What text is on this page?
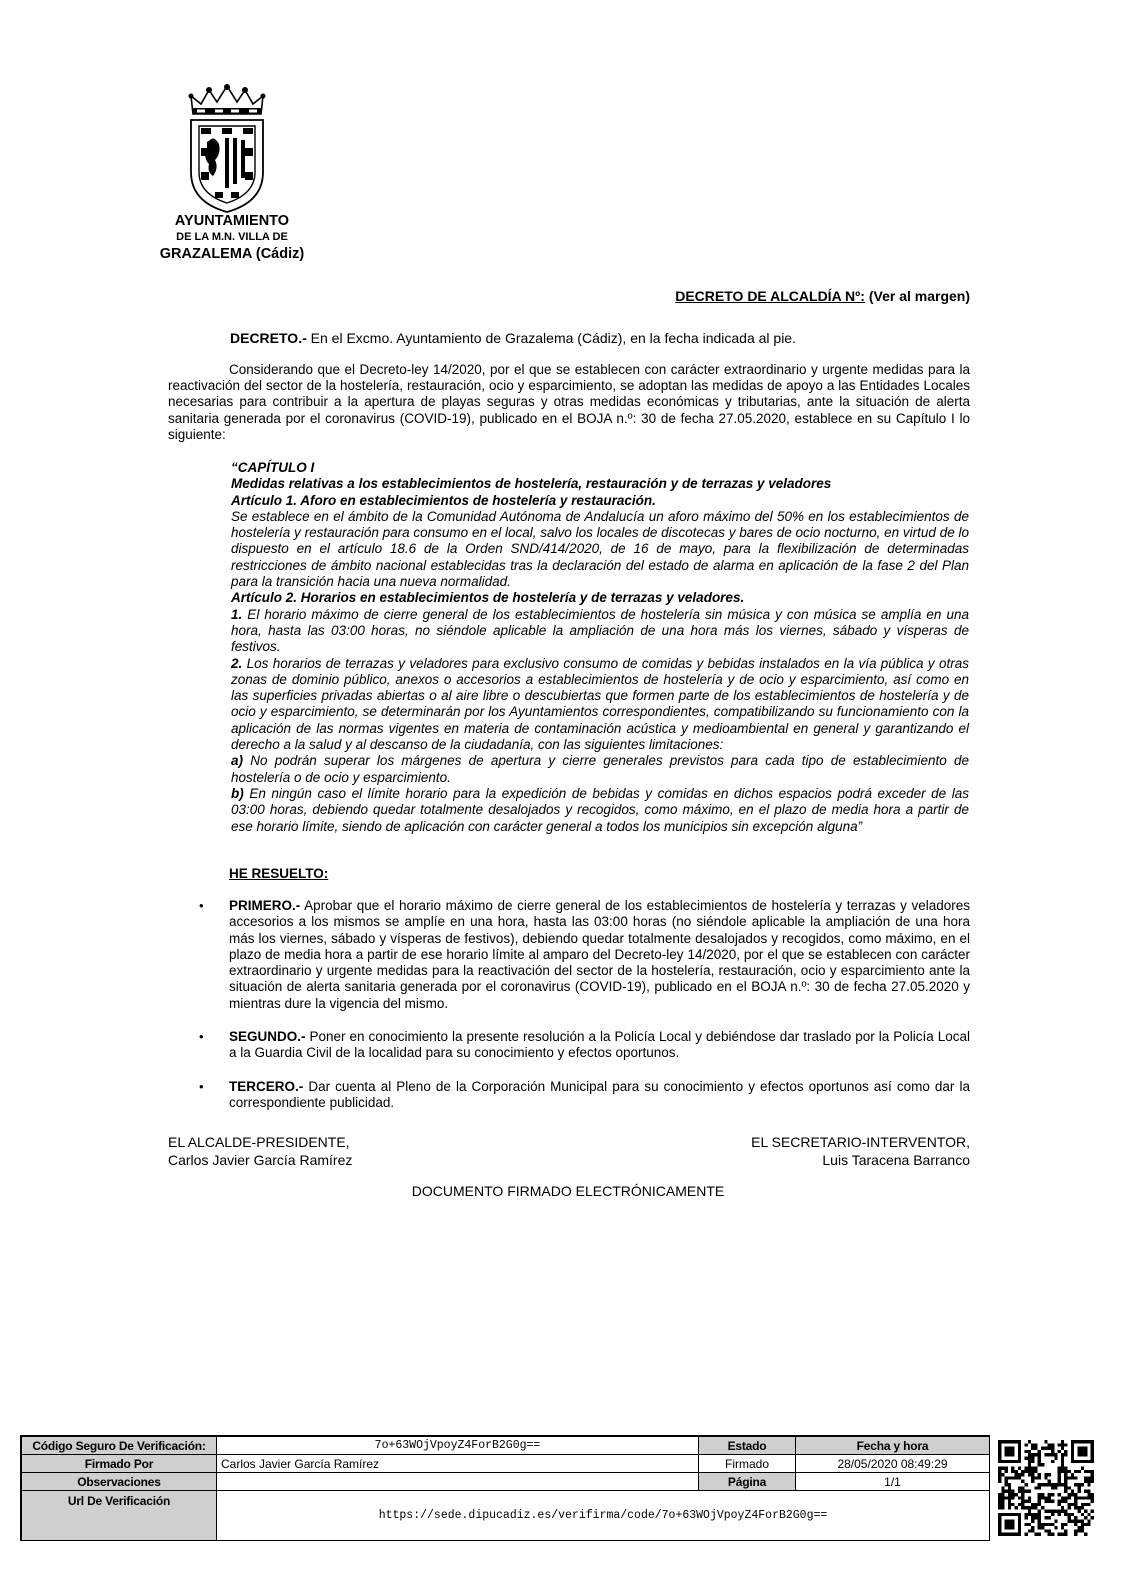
AYUNTAMIENTO
DE LA M.N. VILLA DE
GRAZALEMA (Cádiz)
DECRETO DE ALCALDÍA Nº: (Ver al margen)
DECRETO.- En el Excmo. Ayuntamiento de Grazalema (Cádiz), en la fecha indicada al pie.
Considerando que el Decreto-ley 14/2020, por el que se establecen con carácter extraordinario y urgente medidas para la reactivación del sector de la hostelería, restauración, ocio y esparcimiento, se adoptan las medidas de apoyo a las Entidades Locales necesarias para contribuir a la apertura de playas seguras y otras medidas económicas y tributarias, ante la situación de alerta sanitaria generada por el coronavirus (COVID-19), publicado en el BOJA n.º: 30 de fecha 27.05.2020, establece en su Capítulo I lo siguiente:

“CAPÍTULO I

Medidas relativas a los establecimientos de hostelería, restauración y de terrazas y veladores

Artículo 1. Aforo en establecimientos de hostelería y restauración.

Se establece en el ámbito de la Comunidad Autónoma de Andalucía un aforo máximo del 50% en los establecimientos de hostelería y restauración para consumo en el local, salvo los locales de discotecas y bares de ocio nocturno, en virtud de lo dispuesto en el artículo 18.6 de la Orden SND/414/2020, de 16 de mayo, para la flexibilización de determinadas restricciones de ámbito nacional establecidas tras la declaración del estado de alarma en aplicación de la fase 2 del Plan para la transición hacia una nueva normalidad.

Artículo 2. Horarios en establecimientos de hostelería y de terrazas y veladores.

1. El horario máximo de cierre general de los establecimientos de hostelería sin música y con música se amplía en una hora, hasta las 03:00 horas, no siéndole aplicable la ampliación de una hora más los viernes, sábado y vísperas de festivos.

2. Los horarios de terrazas y veladores para exclusivo consumo de comidas y bebidas instalados en la vía pública y otras zonas de dominio público, anexos o accesorios a establecimientos de hostelería y de ocio y esparcimiento, así como en las superficies privadas abiertas o al aire libre o descubiertas que formen parte de los establecimientos de hostelería y de ocio y esparcimiento, se determinarán por los Ayuntamientos correspondientes, compatibilizando su funcionamiento con la aplicación de las normas vigentes en materia de contaminación acústica y medioambiental en general y garantizando el derecho a la salud y al descanso de la ciudadanía, con las siguientes limitaciones:

a) No podrán superar los márgenes de apertura y cierre generales previstos para cada tipo de establecimiento de hostelería o de ocio y esparcimiento.

b) En ningún caso el límite horario para la expedición de bebidas y comidas en dichos espacios podrá exceder de las 03:00 horas, debiendo quedar totalmente desalojados y recogidos, como máximo, en el plazo de media hora a partir de ese horario límite, siendo de aplicación con carácter general a todos los municipios sin excepción alguna”

HE RESUELTO:
•	PRIMERO.- Aprobar que el horario máximo de cierre general de los establecimientos de hostelería y terrazas y veladores accesorios a los mismos se amplíe en una hora, hasta las 03:00 horas (no siéndole aplicable la ampliación de una hora más los viernes, sábado y vísperas de festivos), debiendo quedar totalmente desalojados y recogidos, como máximo, en el plazo de media hora a partir de ese horario límite al amparo del Decreto-ley 14/2020, por el que se establecen con carácter extraordinario y urgente medidas para la reactivación del sector de la hostelería, restauración, ocio y esparcimiento ante la situación de alerta sanitaria generada por el coronavirus (COVID-19), publicado en el BOJA n.º: 30 de fecha 27.05.2020 y mientras dure la vigencia del mismo.
•	SEGUNDO.- Poner en conocimiento la presente resolución a la Policía Local y debiéndose dar traslado por la Policía Local a la Guardia Civil de la localidad para su conocimiento y efectos oportunos.
•	TERCERO.- Dar cuenta al Pleno de la Corporación Municipal para su conocimiento y efectos oportunos así como dar la correspondiente publicidad.
EL ALCALDE-PRESIDENTE,
Carlos Javier García Ramírez
EL SECRETARIO-INTERVENTOR,
Luis Taracena Barranco
DOCUMENTO FIRMADO ELECTRÓNICAMENTE
Código Seguro De Verificación:	7o+63WOjVpoyZ4ForB2G0g==	Estado	Fecha y hora
Firmado Por	Carlos Javier García Ramírez	Firmado	28/05/2020 08:49:29
Observaciones		Página	1/1
Url De Verificación	https://sede.dipucadiz.es/verifirma/code/7o+63WOjVpoyZ4ForB2G0g==		
